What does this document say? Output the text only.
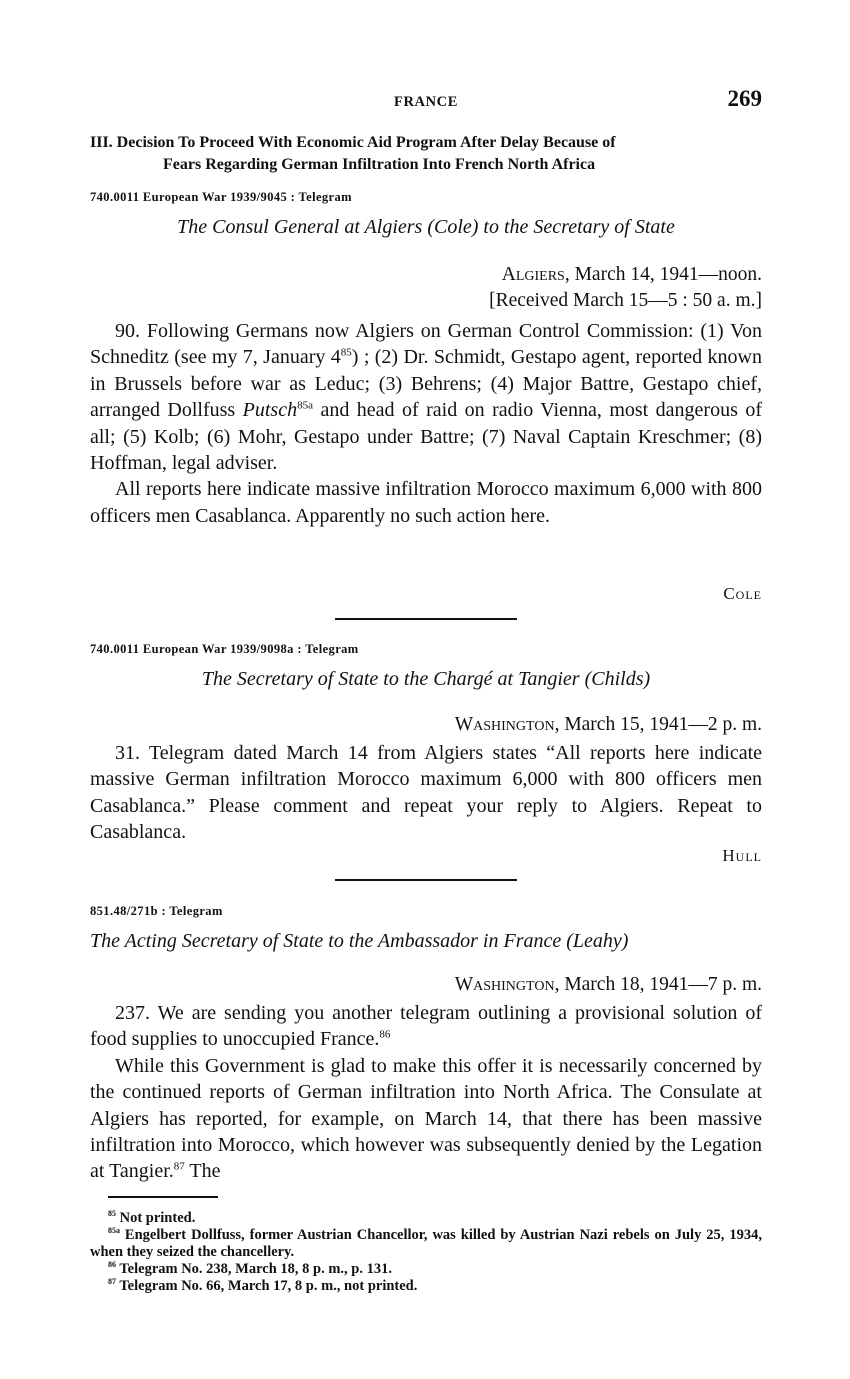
FRANCE	269
III. Decision To Proceed With Economic Aid Program After Delay Because of
Fears Regarding German Infiltration Into French North Africa
740.0011 European War 1939/9045 : Telegram
The Consul General at Algiers (Cole) to the Secretary of State
Algiers, March 14, 1941—noon.
[Received March 15—5 : 50 a. m.]

90. Following Germans now Algiers on German Control Commission: (1) Von Schneditz (see my 7, January $4^{85}$) ; (2) Dr. Schmidt, Gestapo agent, reported known in Brussels before war as Leduc; (3) Behrens; (4) Major Battre, Gestapo chief, arranged Dollfuss Putsch$^{85a}$ and head of raid on radio Vienna, most dangerous of all; (5) Kolb; (6) Mohr, Gestapo under Battre; (7) Naval Captain Kreschmer; (8) Hoffman, legal adviser.

All reports here indicate massive infiltration Morocco maximum 6,000 with 800 officers men Casablanca. Apparently no such action here.

Cole
740.0011 European War 1939/9098a : Telegram
The Secretary of State to the Chargé at Tangier (Childs)
Washington, March 15, 1941—2 p. m.

31. Telegram dated March 14 from Algiers states “All reports here indicate massive German infiltration Morocco maximum 6,000 with 800 officers men Casablanca.” Please comment and repeat your reply to Algiers. Repeat to Casablanca.

Hull
851.48/271b : Telegram
The Acting Secretary of State to the Ambassador in France (Leahy)
Washington, March 18, 1941—7 p. m.

237. We are sending you another telegram outlining a provisional solution of food supplies to unoccupied France.$^{86}$

While this Government is glad to make this offer it is necessarily concerned by the continued reports of German infiltration into North Africa. The Consulate at Algiers has reported, for example, on March 14, that there has been massive infiltration into Morocco, which however was subsequently denied by the Legation at Tangier.$^{87}$ The

$^{85}$ Not printed.

$^{85a}$ Engelbert Dollfuss, former Austrian Chancellor, was killed by Austrian Nazi rebels on July 25, 1934, when they seized the chancellery.

$^{86}$ Telegram No. 238, March 18, 8 p. m., p. 131.

$^{87}$ Telegram No. 66, March 17, 8 p. m., not printed.
